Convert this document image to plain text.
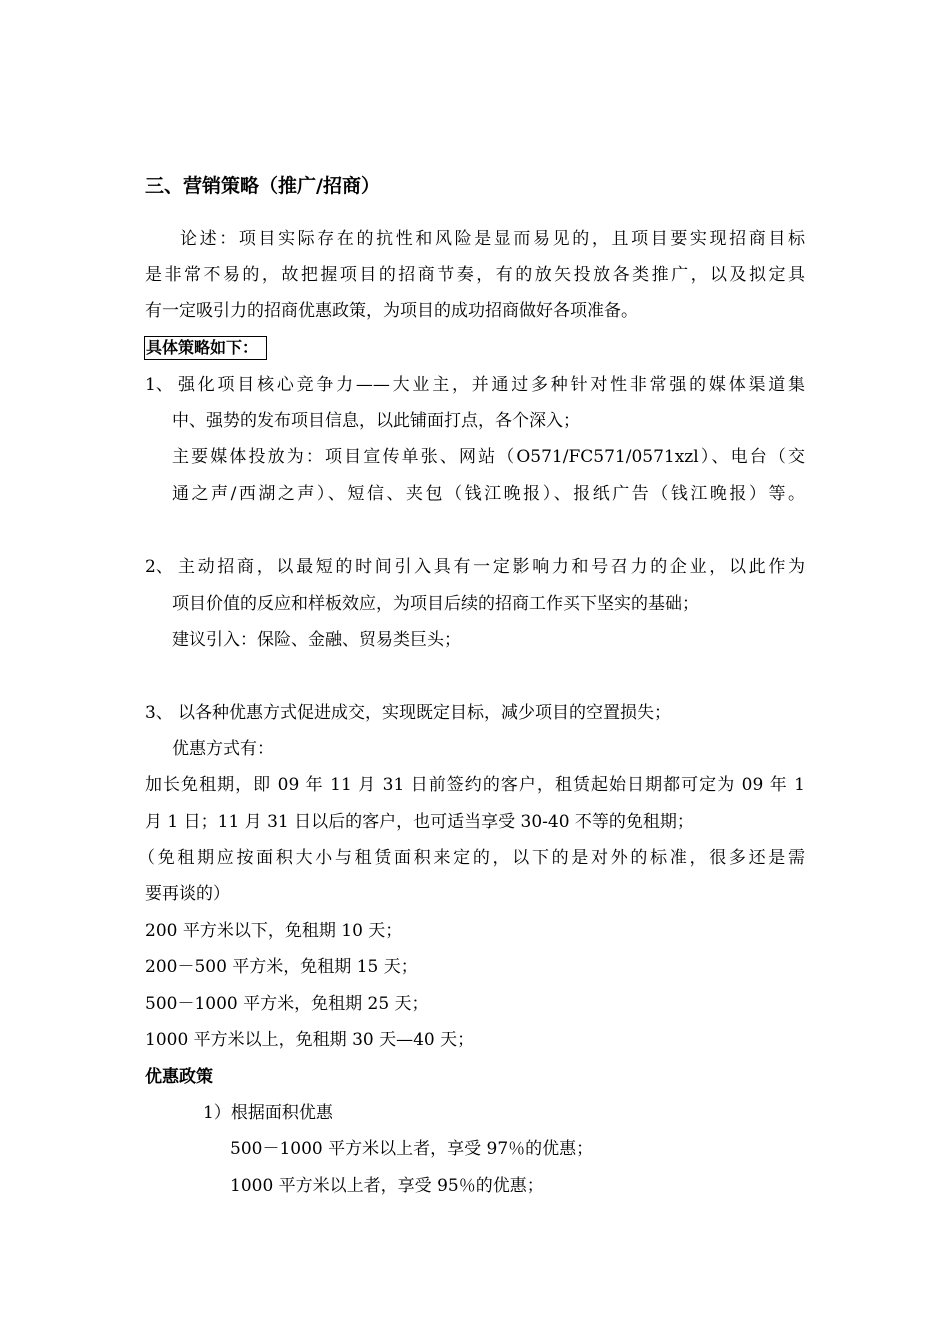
三、营销策略（推广/招商）
论述：项目实际存在的抗性和风险是显而易见的，且项目要实现招商目标
是非常不易的，故把握项目的招商节奏，有的放矢投放各类推广，以及拟定具
有一定吸引力的招商优惠政策，为项目的成功招商做好各项准备。
具体策略如下：
1、 强化项目核心竞争力——大业主，并通过多种针对性非常强的媒体渠道集
中、强势的发布项目信息，以此铺面打点，各个深入；
主要媒体投放为：项目宣传单张、网站（O571/FC571/0571xzl）、电台（交
通之声/西湖之声）、短信、夹包（钱江晚报）、报纸广告（钱江晚报）等。
2、 主动招商，以最短的时间引入具有一定影响力和号召力的企业，以此作为
项目价值的反应和样板效应，为项目后续的招商工作买下坚实的基础；
建议引入：保险、金融、贸易类巨头；
3、 以各种优惠方式促进成交，实现既定目标，减少项目的空置损失；
优惠方式有：
加长免租期，即 09 年 11 月 31 日前签约的客户，租赁起始日期都可定为 09 年 1
月 1 日；11 月 31 日以后的客户，也可适当享受 30-40 不等的免租期；
（免租期应按面积大小与租赁面积来定的，以下的是对外的标准，很多还是需
要再谈的）
200 平方米以下，免租期 10 天；
200－500 平方米，免租期 15 天；
500－1000 平方米，免租期 25 天；
1000 平方米以上，免租期 30 天—40 天；
优惠政策
1）根据面积优惠
500－1000 平方米以上者，享受 97％的优惠；
1000 平方米以上者，享受 95％的优惠；
